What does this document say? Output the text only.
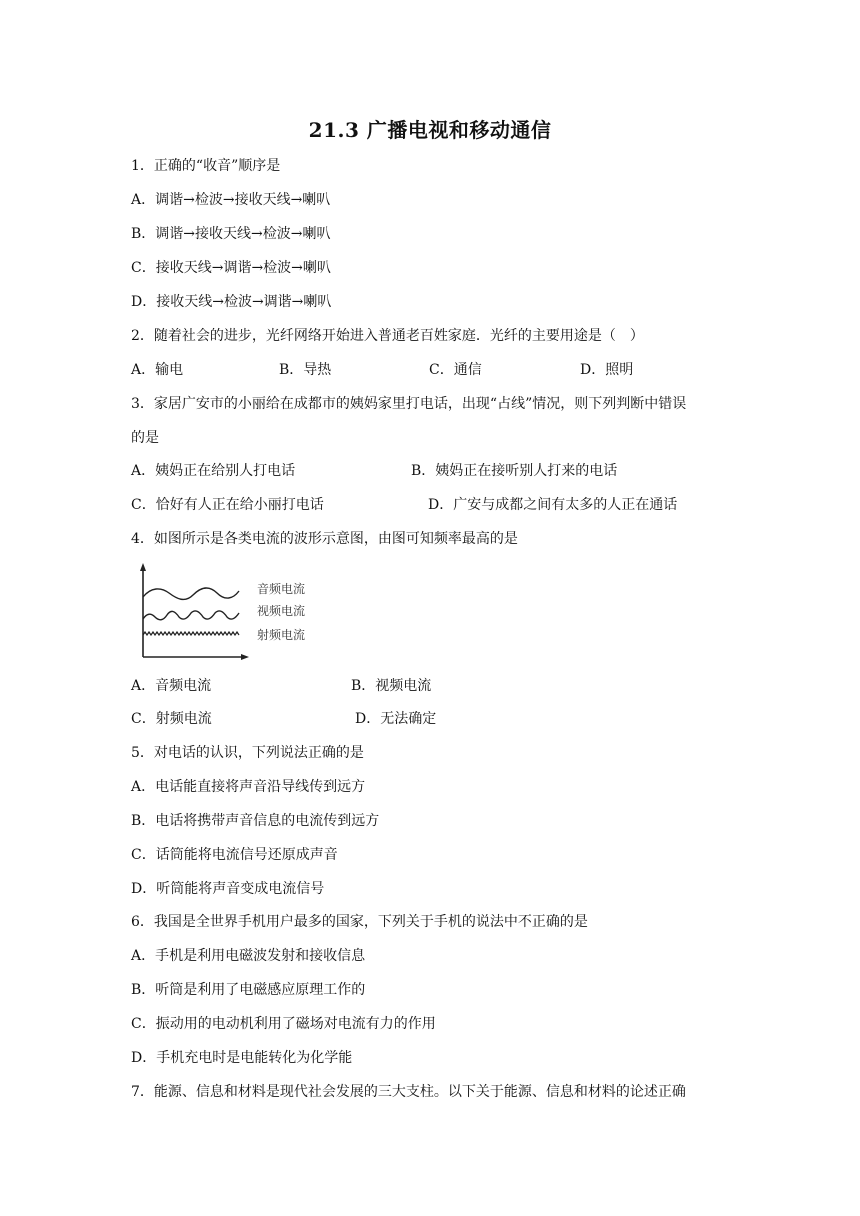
21.3 广播电视和移动通信
1．正确的“收音”顺序是
A．调谐→检波→接收天线→喇叭
B．调谐→接收天线→检波→喇叭
C．接收天线→调谐→检波→喇叭
D．接收天线→检波→调谐→喇叭
2．随着社会的进步，光纤网络开始进入普通老百姓家庭．光纤的主要用途是（　）
A．输电	B．导热	C．通信	D．照明
3．家居广安市的小丽给在成都市的姨妈家里打电话，出现“占线”情况，则下列判断中错误
的是
A．姨妈正在给别人打电话	B．姨妈正在接听别人打来的电话
C．恰好有人正在给小丽打电话	D．广安与成都之间有太多的人正在通话
4．如图所示是各类电流的波形示意图，由图可知频率最高的是
音频电流
视频电流
射频电流
A．音频电流	B．视频电流
C．射频电流	D．无法确定
5．对电话的认识，下列说法正确的是
A．电话能直接将声音沿导线传到远方
B．电话将携带声音信息的电流传到远方
C．话筒能将电流信号还原成声音
D．听筒能将声音变成电流信号
6．我国是全世界手机用户最多的国家，下列关于手机的说法中不正确的是
A．手机是利用电磁波发射和接收信息
B．听筒是利用了电磁感应原理工作的
C．振动用的电动机利用了磁场对电流有力的作用
D．手机充电时是电能转化为化学能
7．能源、信息和材料是现代社会发展的三大支柱。以下关于能源、信息和材料的论述正确
